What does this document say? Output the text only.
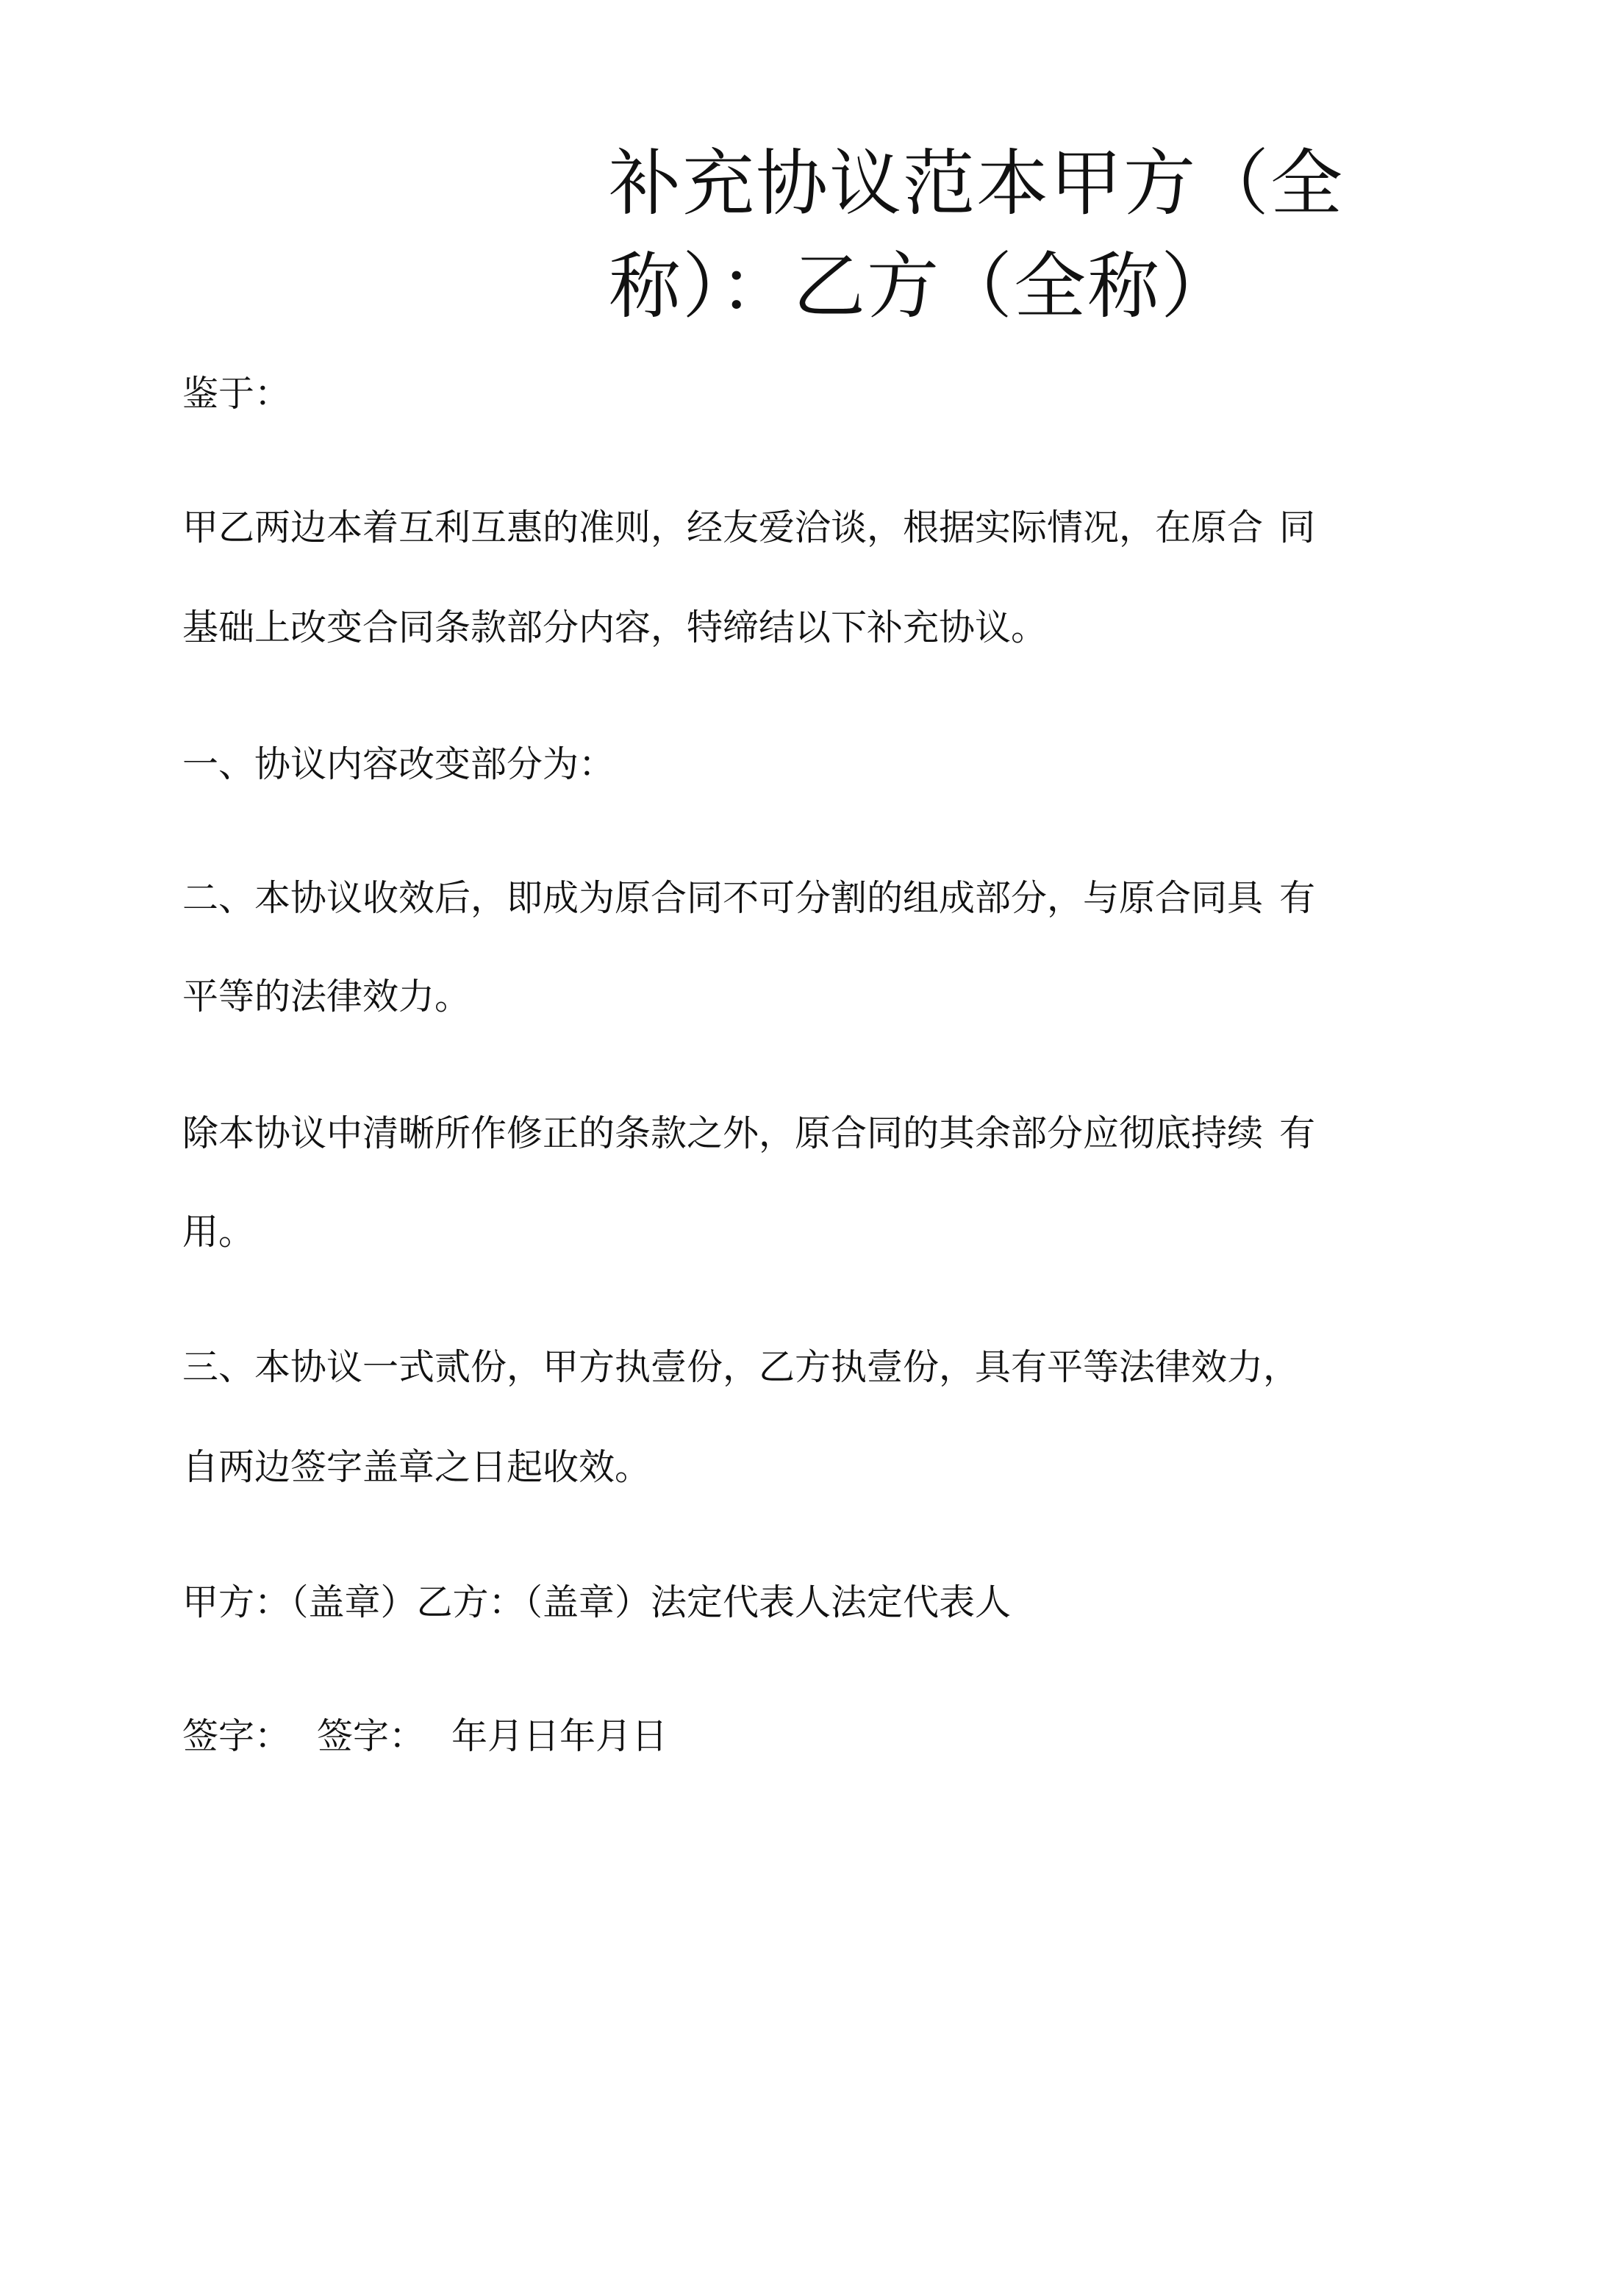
补充协议范本甲方（全
称）：乙方（全称）

鉴于：

甲乙两边本着互利互惠的准则，经友爱洽谈，根据实际情况，在原合 同

基础上改变合同条款部分内容，特缔结以下补充协议。

一、协议内容改变部分为：

二、本协议收效后，即成为原合同不可分割的组成部分，与原合同具 有

平等的法律效力。

除本协议中清晰所作修正的条款之外，原合同的其余部分应彻底持续 有

用。

三、本协议一式贰份，甲方执壹份，乙方执壹份，具有平等法律效力，

自两边签字盖章之日起收效。

甲方：（盖章）乙方：（盖章）法定代表人法定代表人

签字： 签字： 年月日年月日
